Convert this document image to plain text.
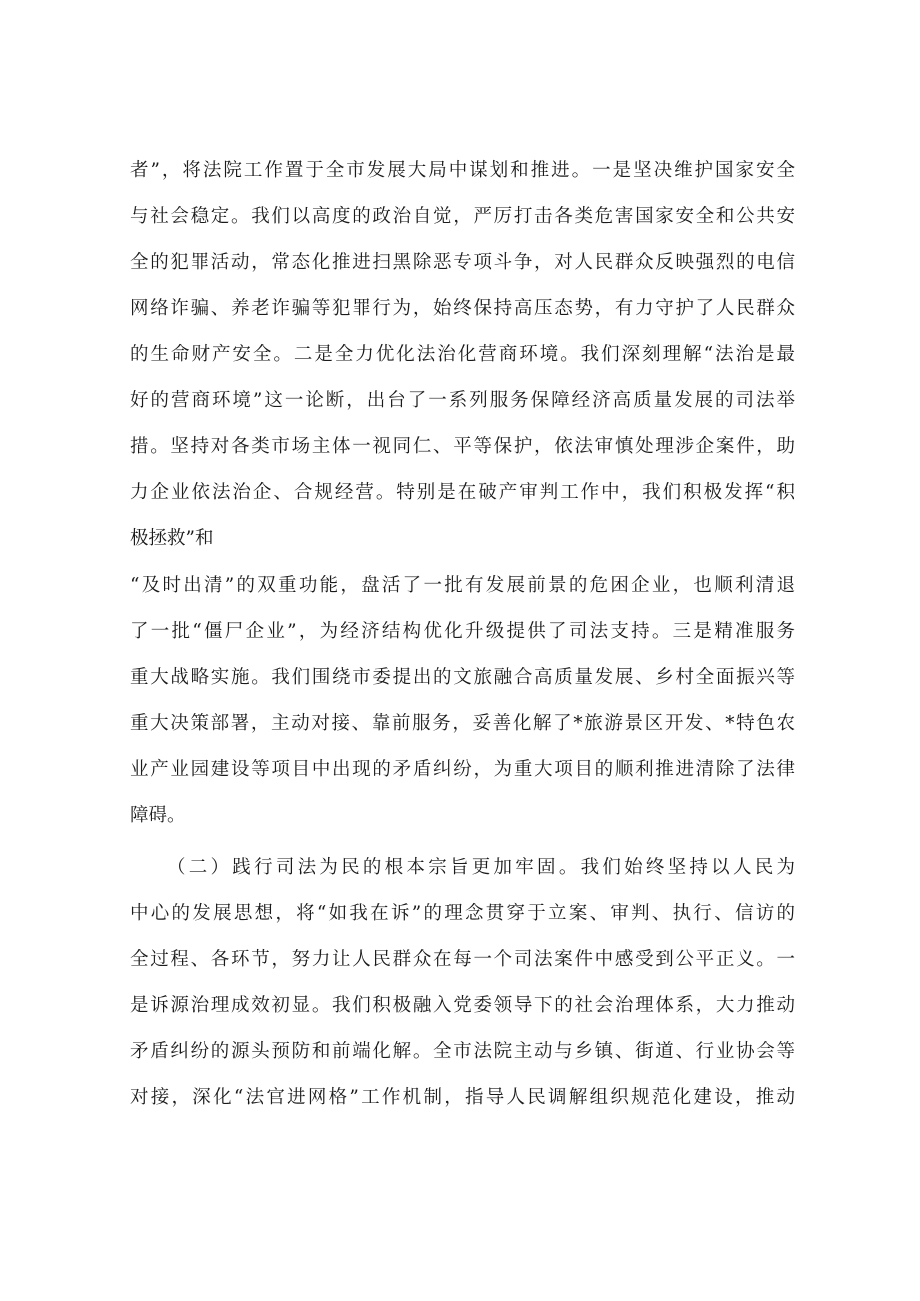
者”，将法院工作置于全市发展大局中谋划和推进。一是坚决维护国家安全
与社会稳定。我们以高度的政治自觉，严厉打击各类危害国家安全和公共安
全的犯罪活动，常态化推进扫黑除恶专项斗争，对人民群众反映强烈的电信
网络诈骗、养老诈骗等犯罪行为，始终保持高压态势，有力守护了人民群众
的生命财产安全。二是全力优化法治化营商环境。我们深刻理解“法治是最
好的营商环境”这一论断，出台了一系列服务保障经济高质量发展的司法举
措。坚持对各类市场主体一视同仁、平等保护，依法审慎处理涉企案件，助
力企业依法治企、合规经营。特别是在破产审判工作中，我们积极发挥“积
极拯救”和
“及时出清”的双重功能，盘活了一批有发展前景的危困企业，也顺利清退
了一批“僵尸企业”，为经济结构优化升级提供了司法支持。三是精准服务
重大战略实施。我们围绕市委提出的文旅融合高质量发展、乡村全面振兴等
重大决策部署，主动对接、靠前服务，妥善化解了*旅游景区开发、*特色农
业产业园建设等项目中出现的矛盾纠纷，为重大项目的顺利推进清除了法律
障碍。
（二）践行司法为民的根本宗旨更加牢固。我们始终坚持以人民为
中心的发展思想，将“如我在诉”的理念贯穿于立案、审判、执行、信访的
全过程、各环节，努力让人民群众在每一个司法案件中感受到公平正义。一
是诉源治理成效初显。我们积极融入党委领导下的社会治理体系，大力推动
矛盾纠纷的源头预防和前端化解。全市法院主动与乡镇、街道、行业协会等
对接，深化“法官进网格”工作机制，指导人民调解组织规范化建设，推动
